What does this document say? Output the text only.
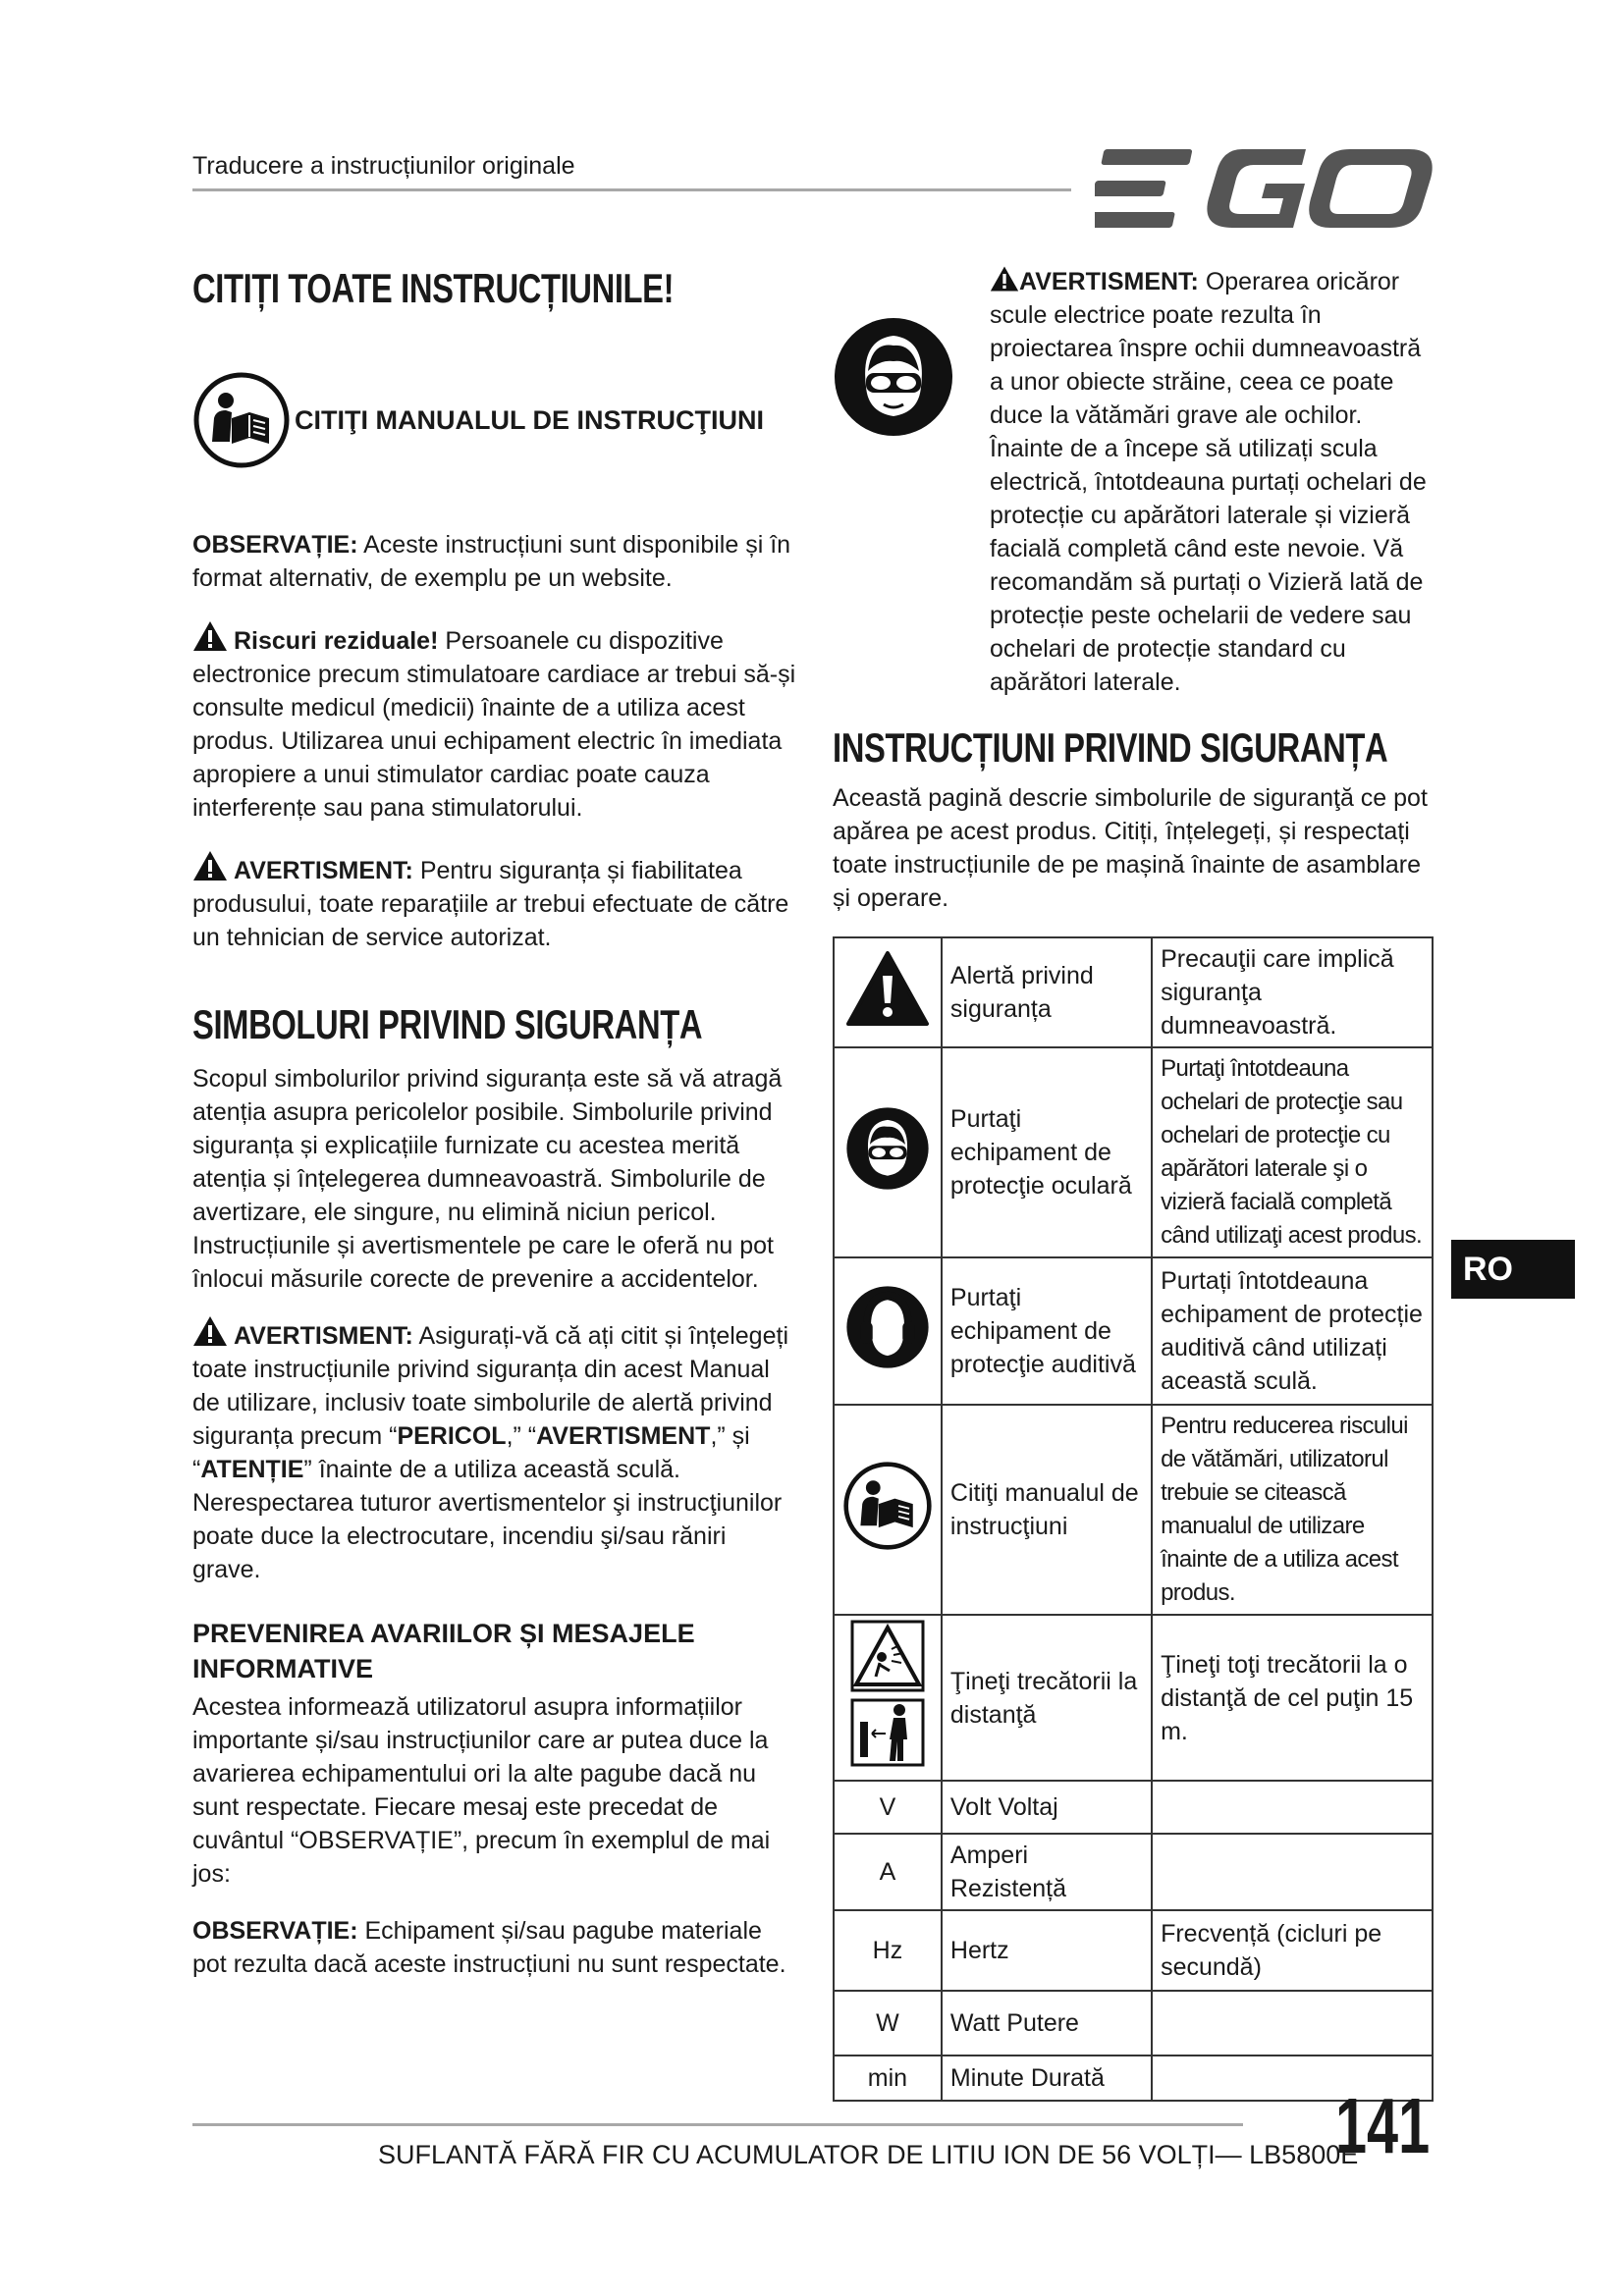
Traducere a instrucțiunilor originale
CITIȚI TOATE INSTRUCȚIUNILE!
CITIŢI MANUALUL DE INSTRUCŢIUNI

OBSERVAȚIE: Aceste instrucțiuni sunt disponibile și în format alternativ, de exemplu pe un website.

Riscuri reziduale! Persoanele cu dispozitive electronice precum stimulatoare cardiace ar trebui să-și consulte medicul (medicii) înainte de a utiliza acest produs. Utilizarea unui echipament electric în imediata apropiere a unui stimulator cardiac poate cauza interferențe sau pana stimulatorului.

AVERTISMENT: Pentru siguranța și fiabilitatea produsului, toate reparațiile ar trebui efectuate de către un tehnician de service autorizat.

SIMBOLURI PRIVIND SIGURANȚA

Scopul simbolurilor privind siguranța este să vă atragă atenția asupra pericolelor posibile. Simbolurile privind siguranța și explicațiile furnizate cu acestea merită atenția și înțelegerea dumneavoastră. Simbolurile de avertizare, ele singure, nu elimină niciun pericol. Instrucțiunile și avertismentele pe care le oferă nu pot înlocui măsurile corecte de prevenire a accidentelor.

AVERTISMENT: Asigurați-vă că ați citit și înțelegeți toate instrucțiunile privind siguranța din acest Manual de utilizare, inclusiv toate simbolurile de alertă privind siguranța precum “PERICOL,” “AVERTISMENT,” și “ATENȚIE” înainte de a utiliza această sculă. Nerespectarea tuturor avertismentelor şi instrucţiunilor poate duce la electrocutare, incendiu şi/sau răniri grave.

PREVENIREA AVARIILOR ȘI MESAJELE INFORMATIVE

Acestea informează utilizatorul asupra informațiilor importante și/sau instrucțiunilor care ar putea duce la avarierea echipamentului ori la alte pagube dacă nu sunt respectate. Fiecare mesaj este precedat de cuvântul “OBSERVAȚIE”, precum în exemplul de mai jos:

OBSERVAȚIE: Echipament și/sau pagube materiale pot rezulta dacă aceste instrucțiuni nu sunt respectate.

AVERTISMENT: Operarea oricăror scule electrice poate rezulta în proiectarea înspre ochii dumneavoastră a unor obiecte străine, ceea ce poate duce la vătămări grave ale ochilor. Înainte de a începe să utilizați scula electrică, întotdeauna purtați ochelari de protecție cu apărători laterale și vizieră facială completă când este nevoie. Vă recomandăm să purtați o Vizieră lată de protecție peste ochelarii de vedere sau ochelari de protecție standard cu apărători laterale.

INSTRUCȚIUNI PRIVIND SIGURANȚA

Această pagină descrie simbolurile de siguranţă ce pot apărea pe acest produs. Citiți, înțelegeți, și respectați toate instrucțiunile de pe mașină înainte de asamblare și operare.

	Alertă privind siguranța	Precauţii care implică siguranţa dumneavoastră.
	Purtaţi echipament de protecţie oculară	Purtaţi întotdeauna ochelari de protecţie sau ochelari de protecţie cu apărători laterale şi o vizieră facială completă când utilizaţi acest produs.
	Purtaţi echipament de protecţie auditivă	Purtați întotdeauna echipament de protecție auditivă când utilizați această sculă.
	Citiţi manualul de instrucţiuni	Pentru reducerea riscului de vătămări, utilizatorul trebuie se citească manualul de utilizare înainte de a utiliza acest produs.
	Ţineţi trecătorii la distanţă	Ţineţi toţi trecătorii la o distanţă de cel puţin 15 m.
V	Volt Voltaj	
A	Amperi Rezistență	
Hz	Hertz	Frecvență (cicluri pe secundă)
W	Watt Putere	
min	Minute Durată	
RO
SUFLANTĂ FĂRĂ FIR CU ACUMULATOR DE LITIU ION DE 56 VOLȚI— LB5800E
141
